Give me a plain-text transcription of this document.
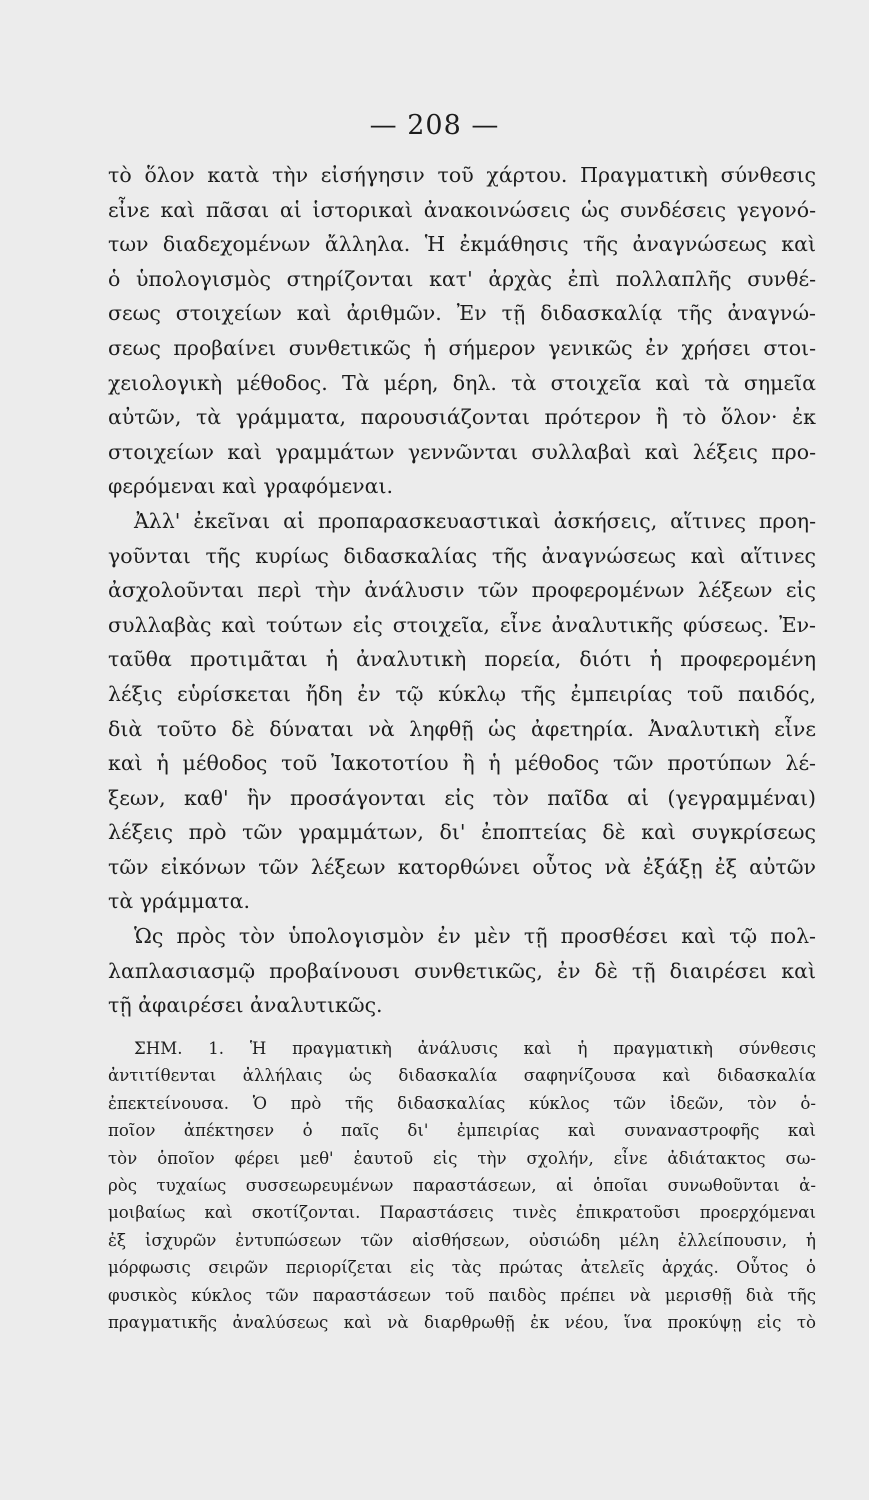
— 208 —
τὸ ὅλον κατὰ τὴν εἰσήγησιν τοῦ χάρτου. Πραγματικὴ σύνθεσις
εἶνε καὶ πᾶσαι αἱ ἱστορικαὶ ἀνακοινώσεις ὡς συνδέσεις γεγονό-
των διαδεχομένων ἄλληλα. Ἡ ἐκμάθησις τῆς ἀναγνώσεως καὶ
ὁ ὑπολογισμὸς στηρίζονται κατ' ἀρχὰς ἐπὶ πολλαπλῆς συνθέ-
σεως στοιχείων καὶ ἀριθμῶν. Ἐν τῇ διδασκαλίᾳ τῆς ἀναγνώ-
σεως προβαίνει συνθετικῶς ἡ σήμερον γενικῶς ἐν χρήσει στοι-
χειολογικὴ μέθοδος. Τὰ μέρη, δηλ. τὰ στοιχεῖα καὶ τὰ σημεῖα
αὐτῶν, τὰ γράμματα, παρουσιάζονται πρότερον ἢ τὸ ὅλον· ἐκ
στοιχείων καὶ γραμμάτων γεννῶνται συλλαβαὶ καὶ λέξεις προ-
φερόμεναι καὶ γραφόμεναι.
Ἀλλ' ἐκεῖναι αἱ προπαρασκευαστικαὶ ἀσκήσεις, αἵτινες προη-
γοῦνται τῆς κυρίως διδασκαλίας τῆς ἀναγνώσεως καὶ αἵτινες
ἀσχολοῦνται περὶ τὴν ἀνάλυσιν τῶν προφερομένων λέξεων εἰς
συλλαβὰς καὶ τούτων εἰς στοιχεῖα, εἶνε ἀναλυτικῆς φύσεως. Ἐν-
ταῦθα προτιμᾶται ἡ ἀναλυτικὴ πορεία, διότι ἡ προφερομένη
λέξις εὑρίσκεται ἤδη ἐν τῷ κύκλῳ τῆς ἐμπειρίας τοῦ παιδός,
διὰ τοῦτο δὲ δύναται νὰ ληφθῇ ὡς ἀφετηρία. Ἀναλυτικὴ εἶνε
καὶ ἡ μέθοδος τοῦ Ἰακοτοτίου ἢ ἡ μέθοδος τῶν προτύπων λέ-
ξεων, καθ' ἣν προσάγονται εἰς τὸν παῖδα αἱ (γεγραμμέναι)
λέξεις πρὸ τῶν γραμμάτων, δι' ἐποπτείας δὲ καὶ συγκρίσεως
τῶν εἰκόνων τῶν λέξεων κατορθώνει οὗτος νὰ ἐξάξῃ ἐξ αὐτῶν
τὰ γράμματα.
Ὡς πρὸς τὸν ὑπολογισμὸν ἐν μὲν τῇ προσθέσει καὶ τῷ πολ-
λαπλασιασμῷ προβαίνουσι συνθετικῶς, ἐν δὲ τῇ διαιρέσει καὶ
τῇ ἀφαιρέσει ἀναλυτικῶς.
ΣΗΜ. 1. Ἡ πραγματικὴ ἀνάλυσις καὶ ἡ πραγματικὴ σύνθεσις
ἀντιτίθενται ἀλλήλαις ὡς διδασκαλία σαφηνίζουσα καὶ διδασκαλία
ἐπεκτείνουσα. Ὁ πρὸ τῆς διδασκαλίας κύκλος τῶν ἰδεῶν, τὸν ὁ-
ποῖον ἀπέκτησεν ὁ παῖς δι' ἐμπειρίας καὶ συναναστροφῆς καὶ
τὸν ὁποῖον φέρει μεθ' ἑαυτοῦ εἰς τὴν σχολήν, εἶνε ἀδιάτακτος σω-
ρὸς τυχαίως συσσεωρευμένων παραστάσεων, αἱ ὁποῖαι συνωθοῦνται ἀ-
μοιβαίως καὶ σκοτίζονται. Παραστάσεις τινὲς ἐπικρατοῦσι προερχόμεναι
ἐξ ἰσχυρῶν ἐντυπώσεων τῶν αἰσθήσεων, οὐσιώδη μέλη ἐλλείπουσιν, ἡ
μόρφωσις σειρῶν περιορίζεται εἰς τὰς πρώτας ἀτελεῖς ἀρχάς. Οὗτος ὁ
φυσικὸς κύκλος τῶν παραστάσεων τοῦ παιδὸς πρέπει νὰ μερισθῇ διὰ τῆς
πραγματικῆς ἀναλύσεως καὶ νὰ διαρθρωθῇ ἐκ νέου, ἵνα προκύψῃ εἰς τὸ
